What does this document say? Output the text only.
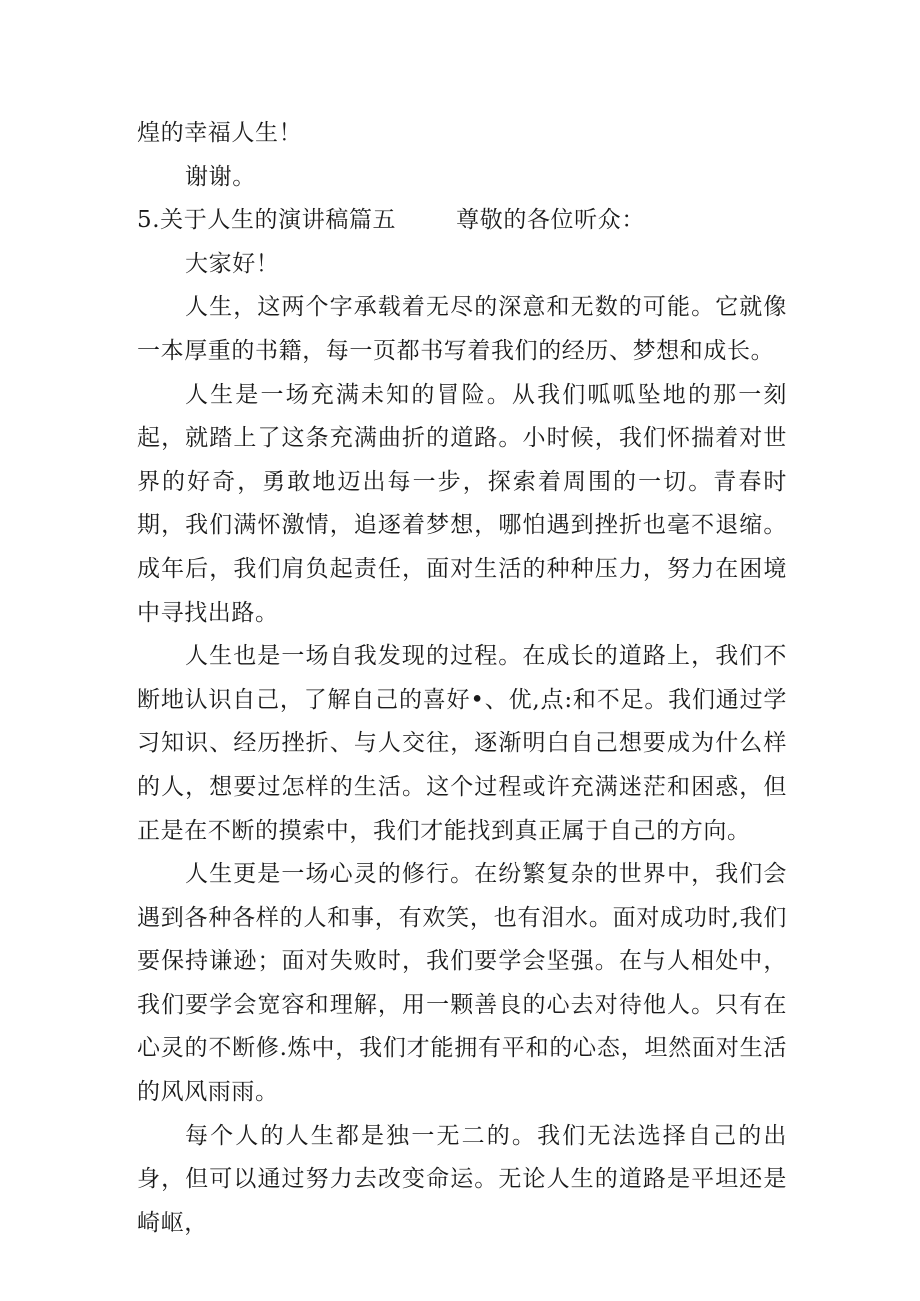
煌的幸福人生！

谢谢。

5.关于人生的演讲稿篇五	尊敬的各位听众：

大家好！

人生，这两个字承载着无尽的深意和无数的可能。它就像一本厚重的书籍，每一页都书写着我们的经历、梦想和成长。

人生是一场充满未知的冒险。从我们呱呱坠地的那一刻起，就踏上了这条充满曲折的道路。小时候，我们怀揣着对世界的好奇，勇敢地迈出每一步，探索着周围的一切。青春时期，我们满怀激情，追逐着梦想，哪怕遇到挫折也毫不退缩。成年后，我们肩负起责任，面对生活的种种压力，努力在困境中寻找出路。

人生也是一场自我发现的过程。在成长的道路上，我们不断地认识自己，了解自己的喜好•、优,点:和不足。我们通过学习知识、经历挫折、与人交往，逐渐明白自己想要成为什么样的人，想要过怎样的生活。这个过程或许充满迷茫和困惑，但正是在不断的摸索中，我们才能找到真正属于自己的方向。

人生更是一场心灵的修行。在纷繁复杂的世界中，我们会遇到各种各样的人和事，有欢笑，也有泪水。面对成功时,我们要保持谦逊；面对失败时，我们要学会坚强。在与人相处中，我们要学会宽容和理解，用一颗善良的心去对待他人。只有在心灵的不断修.炼中，我们才能拥有平和的心态，坦然面对生活的风风雨雨。

每个人的人生都是独一无二的。我们无法选择自己的出身，但可以通过努力去改变命运。无论人生的道路是平坦还是崎岖，
